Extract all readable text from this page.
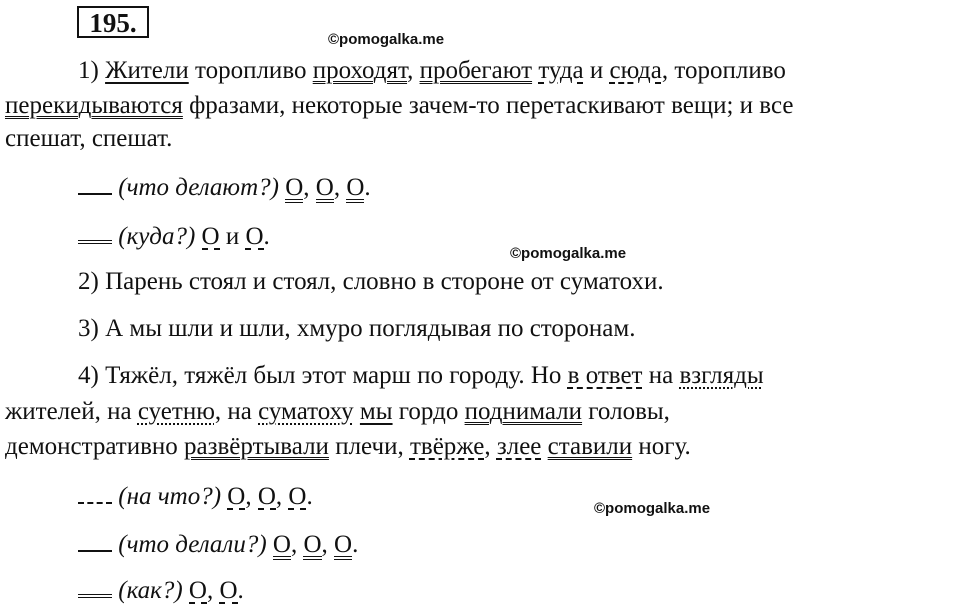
195.
©pomogalka.me
©pomogalka.me
©pomogalka.me
1) Жители торопливо проходят, пробегают туда и сюда, торопливо
перекидываются фразами, некоторые зачем-то перетаскивают вещи; и все
спешат, спешат.
(что делают?) О, О, О.
(куда?) О и О.
2) Парень стоял и стоял, словно в стороне от суматохи.
3) А мы шли и шли, хмуро поглядывая по сторонам.
4) Тяжёл, тяжёл был этот марш по городу. Но в ответ на взгляды
жителей, на суетню, на суматоху мы гордо поднимали головы,
демонстративно развёртывали плечи, твёрже, злее ставили ногу.
(на что?) О, О, О.
(что делали?) О, О, О.
(как?) О, О.
